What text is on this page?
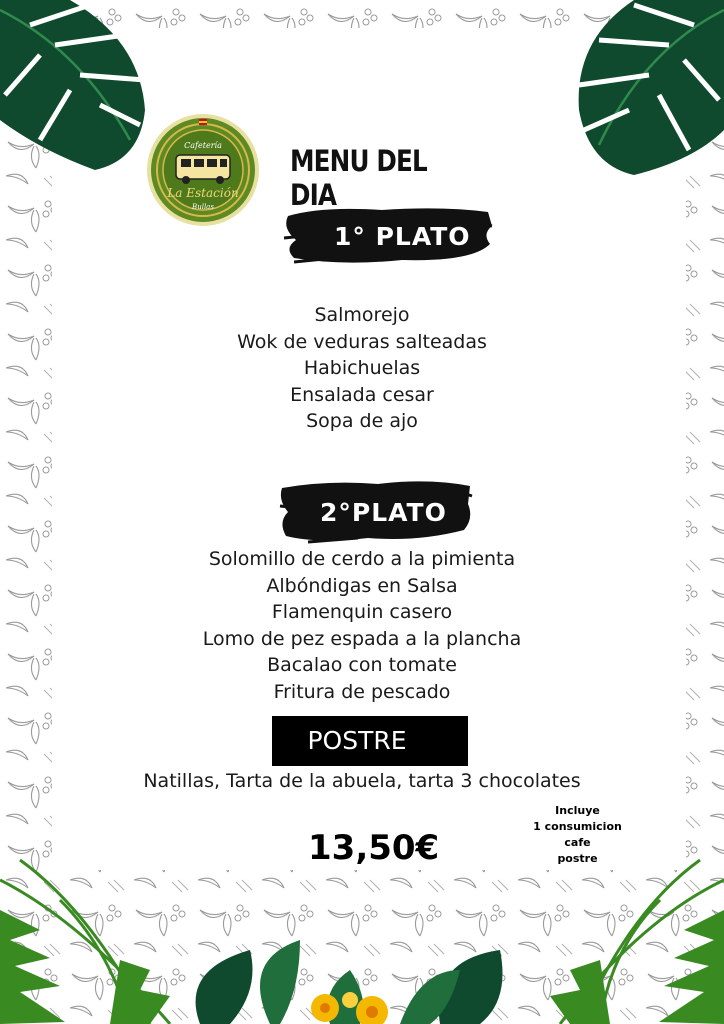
Cafetería
La Estación
Bullas
MENU DEL DIA
1° PLATO
Salmorejo
Wok de veduras salteadas
Habichuelas
Ensalada cesar
Sopa de ajo
2°PLATO
Solomillo de cerdo a la pimienta
Albóndigas en Salsa
Flamenquin casero
Lomo de pez espada a la plancha
Bacalao con tomate
Fritura de pescado
POSTRE
Natillas, Tarta de la abuela, tarta 3 chocolates
13,50€
Incluye
1 consumicion
cafe
postre
